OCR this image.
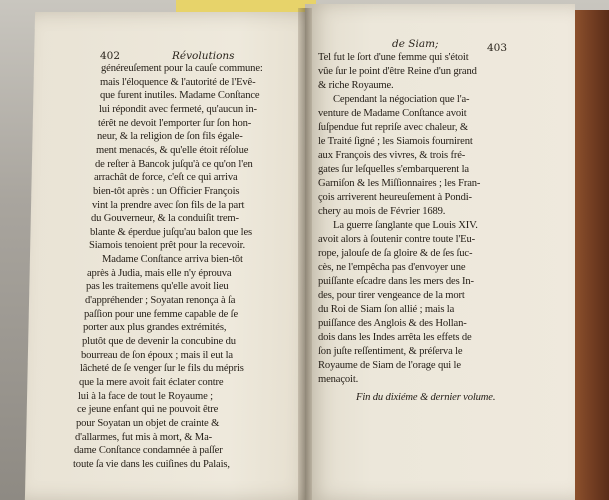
402	Révolutions
de Siam;	403
généreuſement pour la cauſe commune:
mais l'éloquence & l'autorité de l'Evê-
que furent inutiles. Madame Conſtance
lui répondit avec fermeté, qu'aucun in-
térêt ne devoit l'emporter ſur ſon hon-
neur, & la religion de ſon fils égale-
ment menacés, & qu'elle étoit réſolue
de reſter à Bancok juſqu'à ce qu'on l'en
arrachât de force, c'eſt ce qui arriva
bien-tôt après : un Officier François
vint la prendre avec ſon fils de la part
du Gouverneur, & la conduiſit trem-
blante & éperdue juſqu'au balon que les
Siamois tenoient prêt pour la recevoir.
Madame Conſtance arriva bien-tôt
après à Judia, mais elle n'y éprouva
pas les traitemens qu'elle avoit lieu
d'appréhender ; Soyatan renonça à ſa
paſſion pour une femme capable de ſe
porter aux plus grandes extrémités,
plutôt que de devenir la concubine du
bourreau de ſon époux ; mais il eut la
lâcheté de ſe venger ſur le fils du mépris
que la mere avoit fait éclater contre
lui à la face de tout le Royaume ;
ce jeune enfant qui ne pouvoit être
pour Soyatan un objet de crainte &
d'allarmes, fut mis à mort, & Ma-
dame Conſtance condamnée à paſſer
toute ſa vie dans les cuiſines du Palais,
Tel fut le ſort d'une femme qui s'étoit
vûe ſur le point d'être Reine d'un grand
& riche Royaume.
Cependant la négociation que l'a-
venture de Madame Conſtance avoit
ſuſpendue fut repriſe avec chaleur, &
le Traité ſigné ; les Siamois fournirent
aux François des vivres, & trois fré-
gates ſur leſquelles s'embarquerent la
Garniſon & les Miſſionnaires ; les Fran-
çois arriverent heureuſement à Pondi-
chery au mois de Février 1689.
La guerre ſanglante que Louis XIV.
avoit alors à ſoutenir contre toute l'Eu-
rope, jalouſe de ſa gloire & de ſes ſuc-
cès, ne l'empêcha pas d'envoyer une
puiſſante eſcadre dans les mers des In-
des, pour tirer vengeance de la mort
du Roi de Siam ſon allié ; mais la
puiſſance des Anglois & des Hollan-
dois dans les Indes arrêta les effets de
ſon juſte reſſentiment, & préſerva le
Royaume de Siam de l'orage qui le
menaçoit.
Fin du dixiéme & dernier volume.
